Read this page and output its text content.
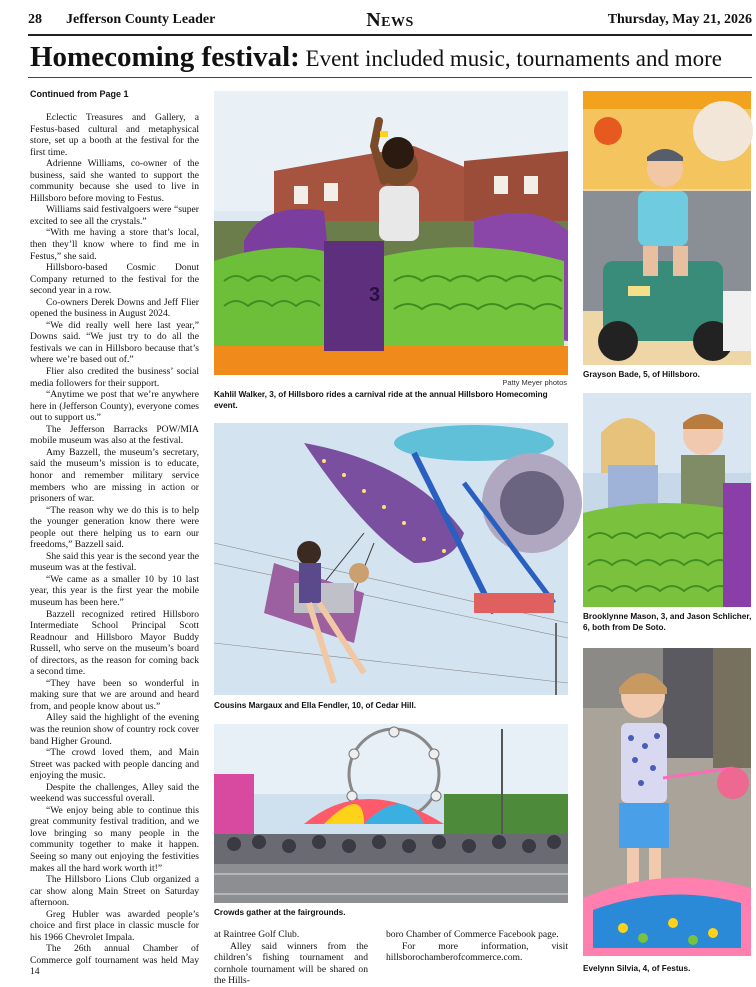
28 Jefferson County Leader	News	Thursday, May 21, 2026
Homecoming festival: Event included music, tournaments and more
Continued from Page 1

Eclectic Treasures and Gallery, a Festus-based cultural and metaphysical store, set up a booth at the festival for the first time.

Adrienne Williams, co-owner of the business, said she wanted to support the community because she used to live in Hillsboro before moving to Festus.

Williams said festivalgoers were “super excited to see all the crystals.”

“With me having a store that’s local, then they’ll know where to find me in Festus,” she said.

Hillsboro-based Cosmic Donut Company returned to the festival for the second year in a row.

Co-owners Derek Downs and Jeff Flier opened the business in August 2024.

“We did really well here last year,” Downs said. “We just try to do all the festivals we can in Hillsboro because that’s where we’re based out of.”

Flier also credited the business’ social media followers for their support.

“Anytime we post that we’re anywhere here in (Jefferson County), everyone comes out to support us.”

The Jefferson Barracks POW/MIA mobile museum was also at the festival.

Amy Bazzell, the museum’s secretary, said the museum’s mission is to educate, honor and remember military service members who are missing in action or prisoners of war.

“The reason why we do this is to help the younger generation know there were people out there helping us to earn our freedoms,” Bazzell said.

She said this year is the second year the museum was at the festival.

“We came as a smaller 10 by 10 last year, this year is the first year the mobile museum has been here.”

Bazzell recognized retired Hillsboro Intermediate School Principal Scott Readnour and Hillsboro Mayor Buddy Russell, who serve on the museum’s board of directors, as the reason for coming back a second time.

“They have been so wonderful in making sure that we are around and heard from, and people know about us.”

Alley said the highlight of the evening was the reunion show of country rock cover band Higher Ground.

“The crowd loved them, and Main Street was packed with people dancing and enjoying the music.

Despite the challenges, Alley said the weekend was successful overall.

“We enjoy being able to continue this great community festival tradition, and we love bringing so many people in the community together to make it happen. Seeing so many out enjoying the festivities makes all the hard work worth it!”

The Hillsboro Lions Club organized a car show along Main Street on Saturday afternoon.

Greg Hubler was awarded people’s choice and first place in classic muscle for his 1966 Chevrolet Impala.

The 26th annual Chamber of Commerce golf tournament was held May 14

at Raintree Golf Club.

Alley said winners from the children’s fishing tournament and cornhole tournament will be shared on the Hills-

boro Chamber of Commerce Facebook page.

For more information, visit hillsborochamberofcommerce.com.

3
Patty Meyer photos
Kahlil Walker, 3, of Hillsboro rides a carnival ride at the annual Hillsboro Homecoming event.
Grayson Bade, 5, of Hillsboro.
Brooklynne Mason, 3, and Jason Schlicher, 6, both from De Soto.
Cousins Margaux and Ella Fendler, 10, of Cedar Hill.
Evelynn Silvia, 4, of Festus.
Crowds gather at the fairgrounds.
